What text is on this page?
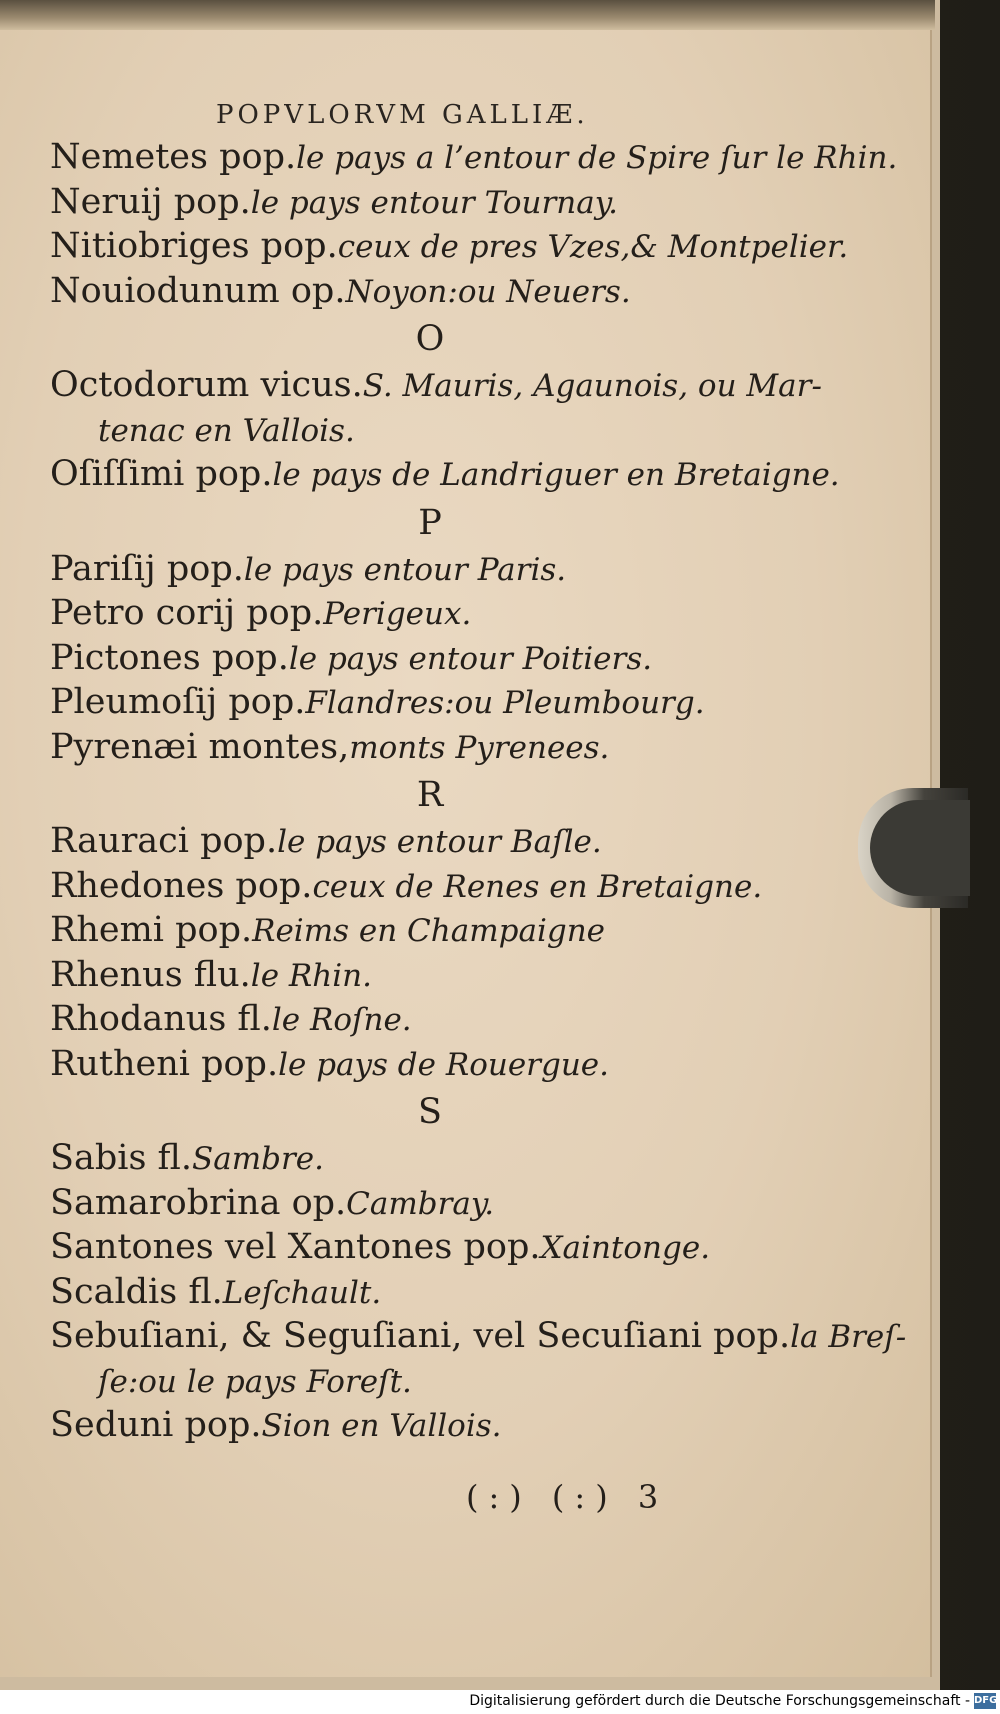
POPVLORVM GALLIÆ.
Nemetes pop.le pays a l’entour de Spire ſur le Rhin.
Neruij pop.le pays entour Tournay.
Nitiobriges pop.ceux de pres Vzes,& Montpelier.
Nouiodunum op.Noyon:ou Neuers.
O
Octodorum vicus.S. Mauris, Agaunois, ou Mar-
tenac en Vallois.
Oſiſſimi pop.le pays de Landriguer en Bretaigne.
P
Pariſij pop.le pays entour Paris.
Petro corij pop.Perigeux.
Pictones pop.le pays entour Poitiers.
Pleumoſij pop.Flandres:ou Pleumbourg.
Pyrenæi montes,monts Pyrenees.
R
Rauraci pop.le pays entour Baſle.
Rhedones pop.ceux de Renes en Bretaigne.
Rhemi pop.Reims en Champaigne
Rhenus flu.le Rhin.
Rhodanus fl.le Roſne.
Rutheni pop.le pays de Rouergue.
S
Sabis fl.Sambre.
Samarobrina op.Cambray.
Santones vel Xantones pop.Xaintonge.
Scaldis fl.Leſchault.
Sebuſiani, & Seguſiani, vel Secuſiani pop.la Breſ-
ſe:ou le pays Foreſt.
Seduni pop.Sion en Vallois.
(:) (:) 3
Digitalisierung gefördert durch die Deutsche Forschungsgemeinschaft - DFG
